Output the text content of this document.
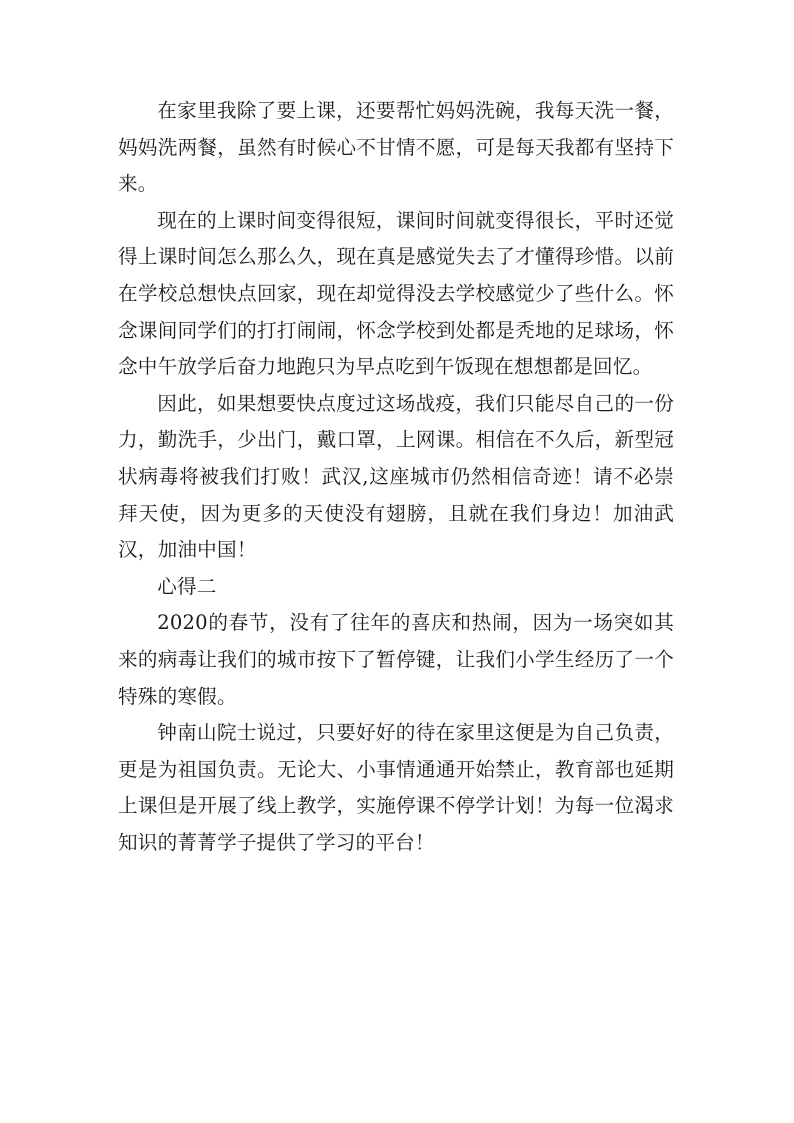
在家里我除了要上课，还要帮忙妈妈洗碗，我每天洗一餐，妈妈洗两餐，虽然有时候心不甘情不愿，可是每天我都有坚持下来。

现在的上课时间变得很短，课间时间就变得很长，平时还觉得上课时间怎么那么久，现在真是感觉失去了才懂得珍惜。以前在学校总想快点回家，现在却觉得没去学校感觉少了些什么。怀念课间同学们的打打闹闹，怀念学校到处都是秃地的足球场，怀念中午放学后奋力地跑只为早点吃到午饭现在想想都是回忆。

因此，如果想要快点度过这场战疫，我们只能尽自己的一份力，勤洗手，少出门，戴口罩，上网课。相信在不久后，新型冠状病毒将被我们打败！武汉,这座城市仍然相信奇迹！请不必崇拜天使，因为更多的天使没有翅膀，且就在我们身边！加油武汉，加油中国！

心得二

2020的春节，没有了往年的喜庆和热闹，因为一场突如其来的病毒让我们的城市按下了暂停键，让我们小学生经历了一个特殊的寒假。

钟南山院士说过，只要好好的待在家里这便是为自己负责，更是为祖国负责。无论大、小事情通通开始禁止，教育部也延期上课但是开展了线上教学，实施停课不停学计划！为每一位渴求知识的菁菁学子提供了学习的平台！
